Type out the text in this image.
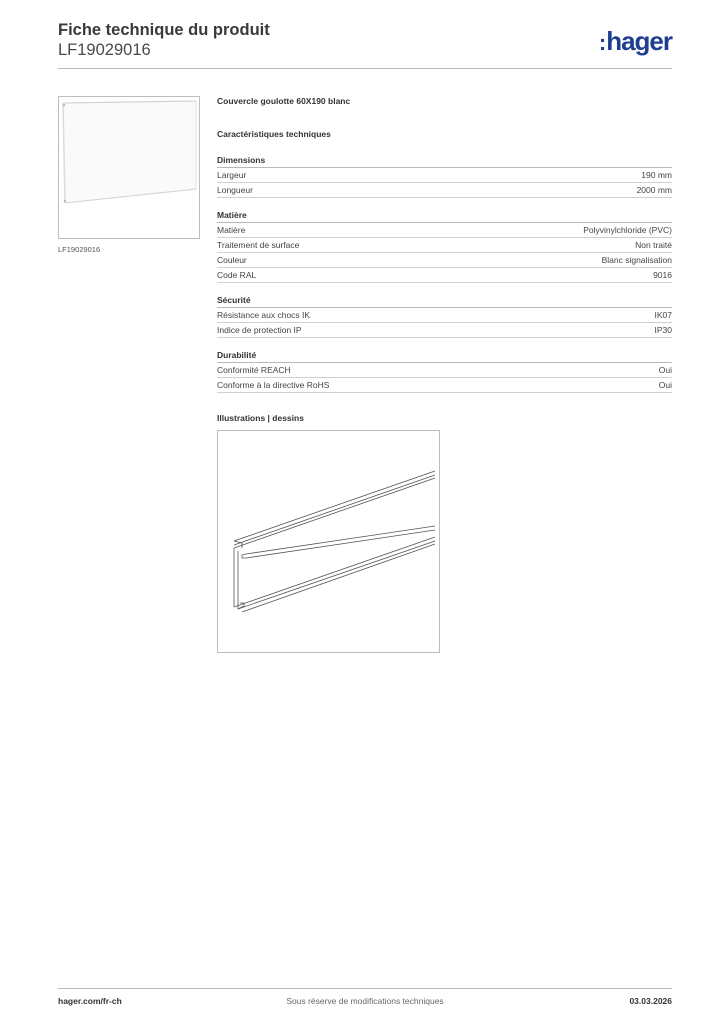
Fiche technique du produit
LF19029016	:hager
LF19029016
Couvercle goulotte 60X190 blanc
Caractéristiques techniques
Dimensions
Largeur	190 mm
Longueur	2000 mm
Matière
Matière	Polyvinylchloride (PVC)
Traitement de surface	Non traité
Couleur	Blanc signalisation
Code RAL	9016
Sécurité
Résistance aux chocs IK	IK07
Indice de protection IP	IP30
Durabilité
Conformité REACH	Oui
Conforme à la directive RoHS	Oui
Illustrations | dessins
hager.com/fr-ch	Sous réserve de modifications techniques	03.03.2026
